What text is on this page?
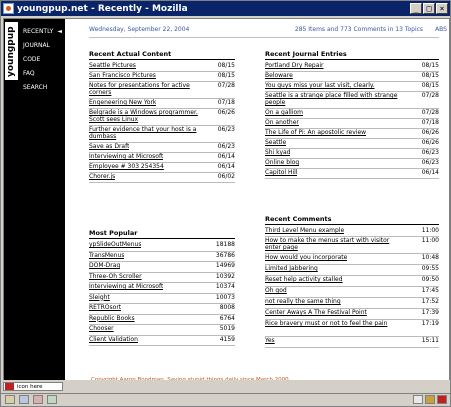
youngpup.net - Recently - Mozilla	_	□	×
youngpup RECENTLY ◄
JOURNAL
CODE
FAQ
SEARCH
Wednesday, September 22, 2004	285 Items and 773 Comments in 13 Topics	ABS
Recent Actual Content
Seattle Pictures	08/15
San Francisco Pictures	08/15
Notes for presentations for active corners
07/28
Engeneering New York	07/18
Belgrade is a Windows programmer. Scott sees Linux
06/26
Further evidence that your host is a dumbass
06/23
Save as Draft	06/23
Interviewing at Microsoft	06/14
Employee # 303 254354	06/14
Chorer.js	06/02
Most Popular
ypSlideOutMenus	18188
TransMenus	36786
DOM-Drag	14969
Three-Oh Scroller	10392
Interviewing at Microsoft	10374
Sleight	10073
RETROsort	8008
Republic Books	6764
Chooser	5019
Client Validation	4159
Recent Journal Entries
Portland Dry Repair	08/15
Beloware	08/15
You guys miss your last visit, clearly.	08/15
Seattle is a strange place filled with strange people
07/28
On a galliom	07/28
On another	07/18
The Life of Pi: An apostolic review	06/26
Seattle	06/26
Shi kyad	06/23
Online blog	06/23
Capitol Hill	06/14
Recent Comments
Third Level Menu example	11:00
How to make the menus start with visitor enter page
11:00
How would you incorporate	10:48
Limited Jabbering	09:55
Reset help activity stalled	09:50
Oh god	17:45
not really the same thing	17:52
Center Aways A The Festival Point	17:39
Rice bravery must or not to feel the pain	17:19
Yes	15:11
icon here
